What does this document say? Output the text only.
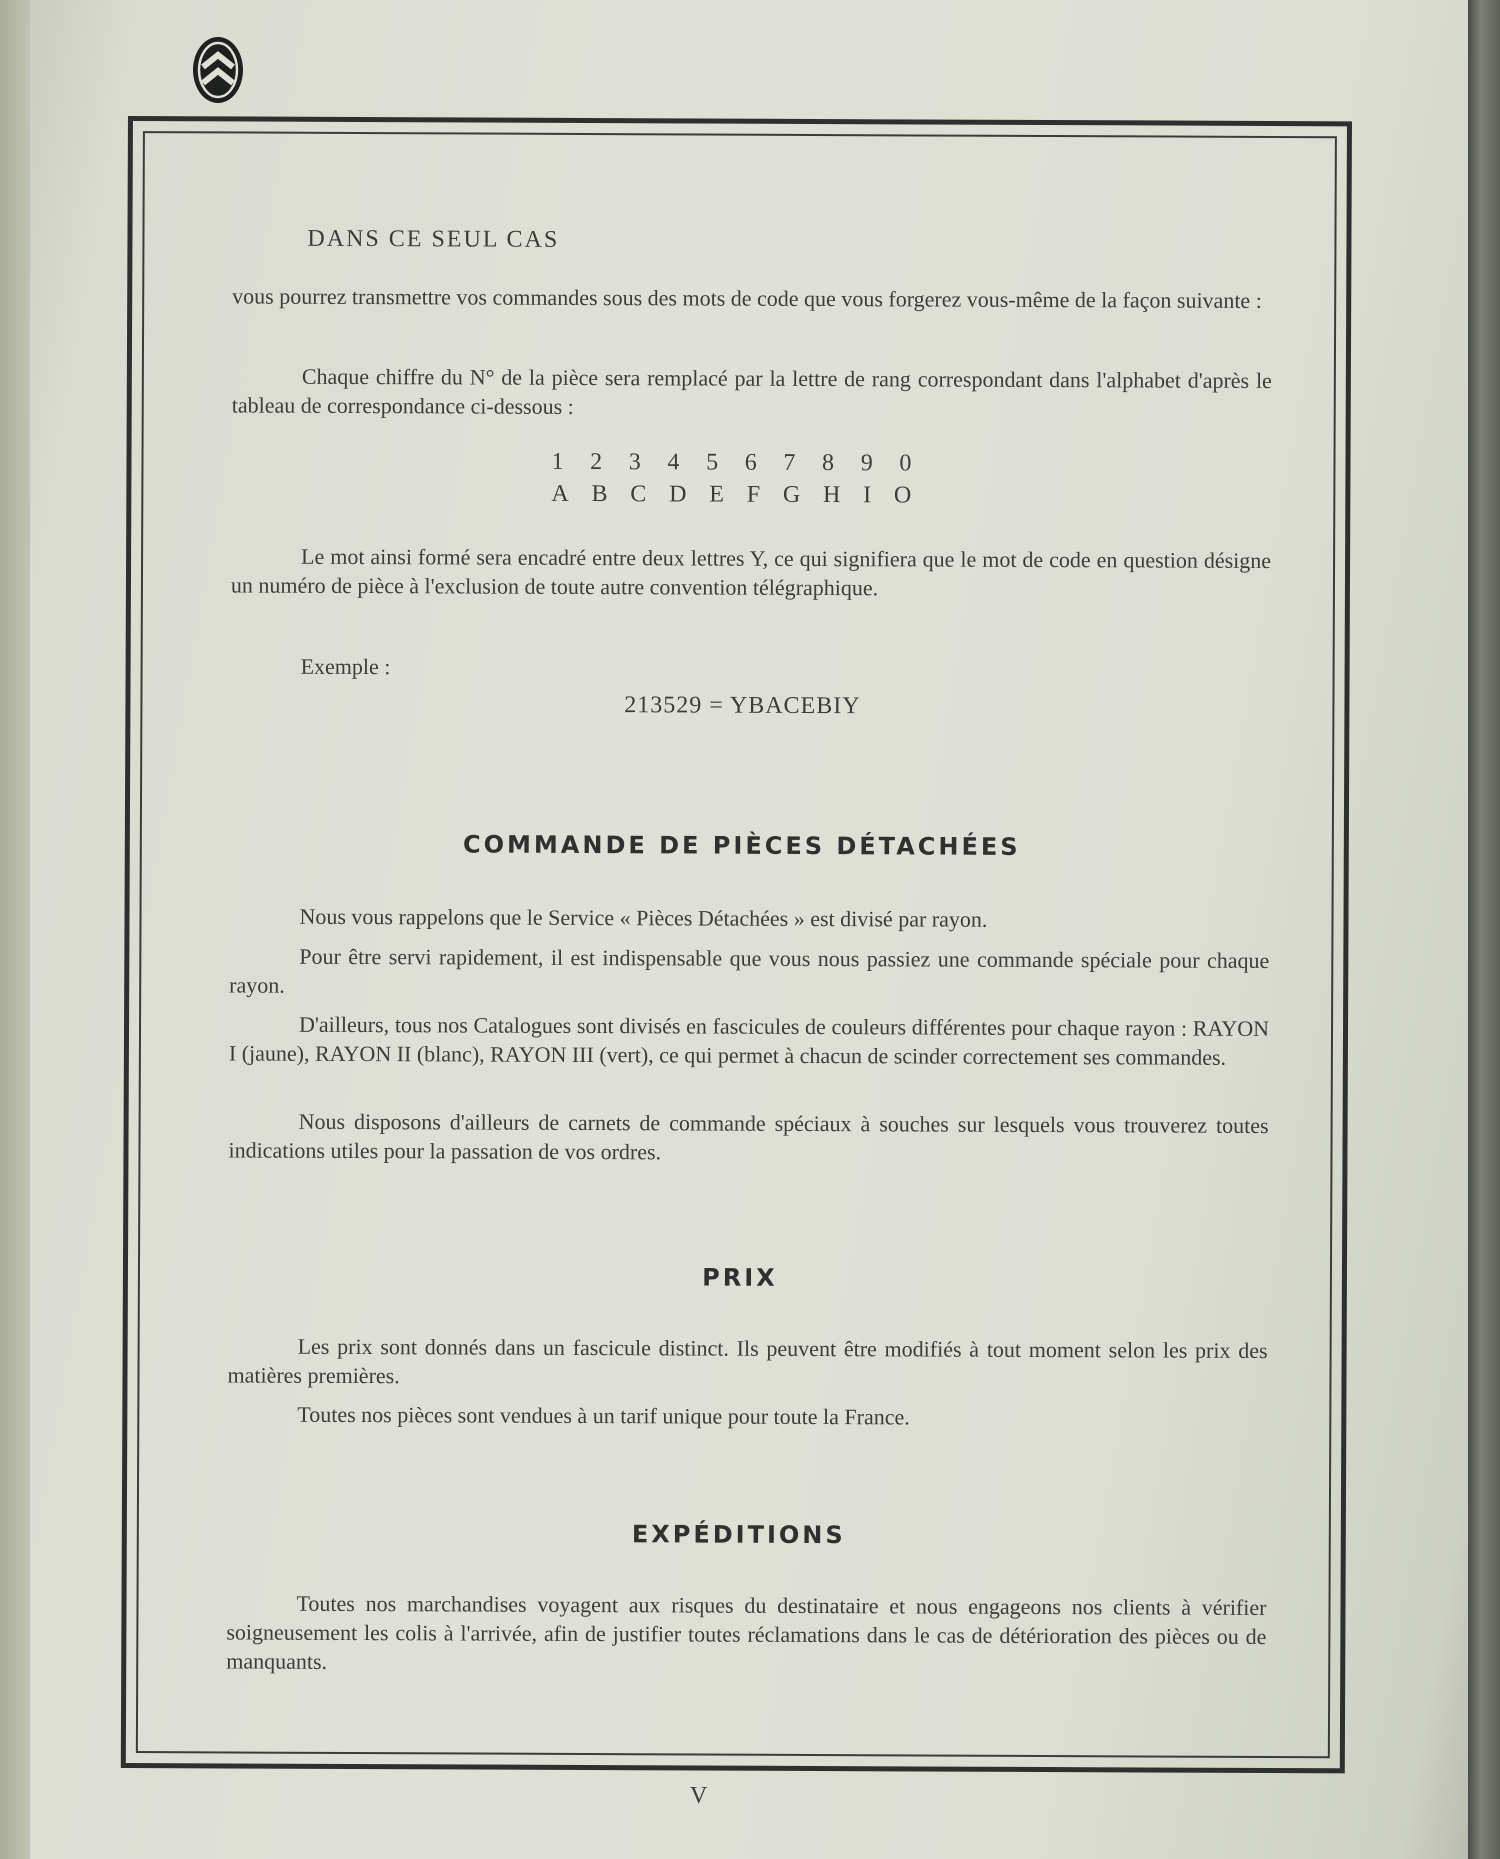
DANS CE SEUL CAS
vous pourrez transmettre vos commandes sous des mots de code que vous forgerez vous-même de la façon suivante :
Chaque chiffre du N° de la pièce sera remplacé par la lettre de rang correspondant dans l'alphabet d'après le tableau de correspondance ci-dessous :
1 2 3 4 5 6 7 8 9 0
A B C D E F G H I O
Le mot ainsi formé sera encadré entre deux lettres Y, ce qui signifiera que le mot de code en question désigne un numéro de pièce à l'exclusion de toute autre convention télégraphique.
Exemple :
213529 = YBACEBIY
COMMANDE DE PIÈCES DÉTACHÉES
Nous vous rappelons que le Service « Pièces Détachées » est divisé par rayon.
Pour être servi rapidement, il est indispensable que vous nous passiez une commande spéciale pour chaque rayon.
D'ailleurs, tous nos Catalogues sont divisés en fascicules de couleurs différentes pour chaque rayon : RAYON I (jaune), RAYON II (blanc), RAYON III (vert), ce qui permet à chacun de scinder correctement ses commandes.
Nous disposons d'ailleurs de carnets de commande spéciaux à souches sur lesquels vous trouverez toutes indications utiles pour la passation de vos ordres.
PRIX
Les prix sont donnés dans un fascicule distinct. Ils peuvent être modifiés à tout moment selon les prix des matières premières.
Toutes nos pièces sont vendues à un tarif unique pour toute la France.
EXPÉDITIONS
Toutes nos marchandises voyagent aux risques du destinataire et nous engageons nos clients à vérifier soigneusement les colis à l'arrivée, afin de justifier toutes réclamations dans le cas de détérioration des pièces ou de manquants.
V
